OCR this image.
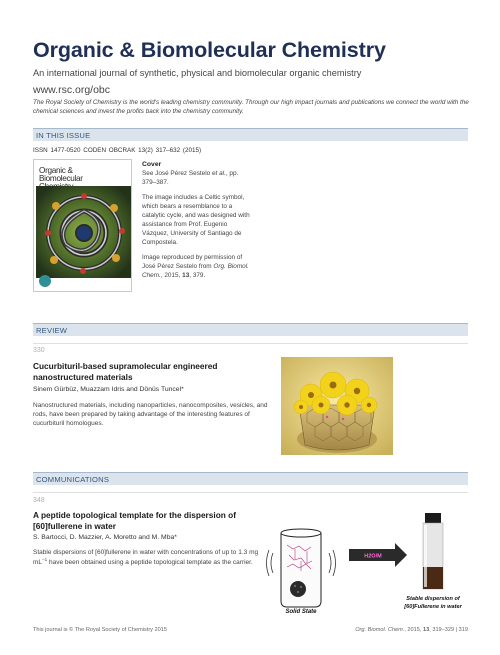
Organic & Biomolecular Chemistry
An international journal of synthetic, physical and biomolecular organic chemistry
www.rsc.org/obc
The Royal Society of Chemistry is the world's leading chemistry community. Through our high impact journals and publications we connect the world with the chemical sciences and invest the profits back into the chemistry community.
IN THIS ISSUE
ISSN 1477-0520 CODEN OBCRAK 13(2) 317–632 (2015)
Organic &
Biomolecular

Cover
See José Pérez Sestelo et al., pp. 379–387.

The image includes a Celtic symbol, which bears a resemblance to a catalytic cycle, and was designed with assistance from Prof. Eugenio Vázquez, University of Santiago de Compostela.

Image reproduced by permission of José Pérez Sestelo from Org. Biomol. Chem., 2015, 13, 379.

REVIEW
330
Cucurbituril-based supramolecular engineered nanostructured materials
Sinem Gürbüz, Muazzam Idris and Dönüs Tuncel*
Nanostructured materials, including nanoparticles, nanocomposites, vesicles, and rods, have been prepared by taking advantage of the interesting features of cucurbituril homologues.
COMMUNICATIONS
348
A peptide topological template for the dispersion of [60]fullerene in water
S. Bartocci, D. Mazzier, A. Moretto and M. Mba*
Stable dispersions of [60]fullerene in water with concentrations of up to 1.3 mg $mL^{-1}$ have been obtained using a peptide topological template as the carrier.
Solid State
H2O/M
Stable dispersion of
[60]Fullerene in water
This journal is © The Royal Society of Chemistry 2015	Org. Biomol. Chem., 2015, 13, 319–329 | 319
